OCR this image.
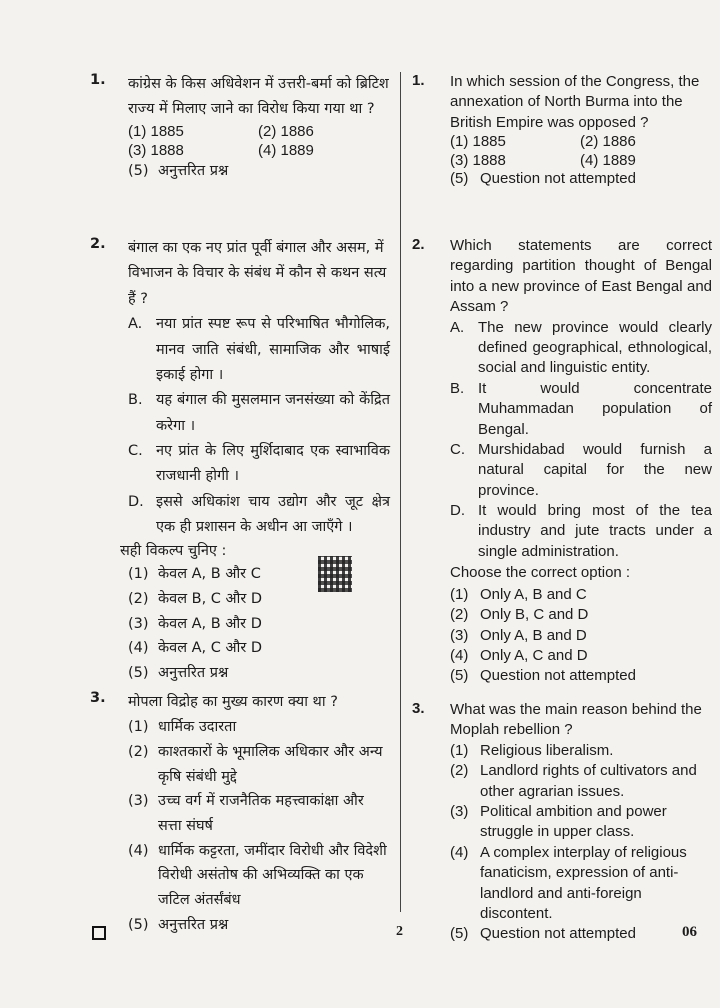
1. कांग्रेस के किस अधिवेशन में उत्तरी-बर्मा को ब्रिटिश राज्य में मिलाए जाने का विरोध किया गया था ?
(1) 1885	(2) 1886
(3) 1888	(4) 1889
(5) अनुत्तरित प्रश्न
2. बंगाल का एक नए प्रांत पूर्वी बंगाल और असम, में विभाजन के विचार के संबंध में कौन से कथन सत्य हैं ?
A. नया प्रांत स्पष्ट रूप से परिभाषित भौगोलिक, मानव जाति संबंधी, सामाजिक और भाषाई इकाई होगा ।
B. यह बंगाल की मुसलमान जनसंख्या को केंद्रित करेगा ।
C. नए प्रांत के लिए मुर्शिदाबाद एक स्वाभाविक राजधानी होगी ।
D. इससे अधिकांश चाय उद्योग और जूट क्षेत्र एक ही प्रशासन के अधीन आ जाएँगे ।
सही विकल्प चुनिए :
(1) केवल A, B और C
(2) केवल B, C और D
(3) केवल A, B और D
(4) केवल A, C और D
(5) अनुत्तरित प्रश्न
3. मोपला विद्रोह का मुख्य कारण क्या था ?
(1) धार्मिक उदारता
(2) काश्तकारों के भूमालिक अधिकार और अन्य कृषि संबंधी मुद्दे
(3) उच्च वर्ग में राजनैतिक महत्त्वाकांक्षा और सत्ता संघर्ष
(4) धार्मिक कट्टरता, जमींदार विरोधी और विदेशी विरोधी असंतोष की अभिव्यक्ति का एक जटिल अंतर्संबंध
(5) अनुत्तरित प्रश्न
1. In which session of the Congress, the annexation of North Burma into the British Empire was opposed ?
(1) 1885	(2) 1886
(3) 1888	(4) 1889
(5) Question not attempted
2. Which statements are correct regarding partition thought of Bengal into a new province of East Bengal and Assam ?
A. The new province would clearly defined geographical, ethnological, social and linguistic entity.
B. It would concentrate Muhammadan population of Bengal.
C. Murshidabad would furnish a natural capital for the new province.
D. It would bring most of the tea industry and jute tracts under a single administration.
Choose the correct option :
(1) Only A, B and C
(2) Only B, C and D
(3) Only A, B and D
(4) Only A, C and D
(5) Question not attempted
3. What was the main reason behind the Moplah rebellion ?
(1) Religious liberalism.
(2) Landlord rights of cultivators and other agrarian issues.
(3) Political ambition and power struggle in upper class.
(4) A complex interplay of religious fanaticism, expression of anti-landlord and anti-foreign discontent.
(5) Question not attempted
2	06
